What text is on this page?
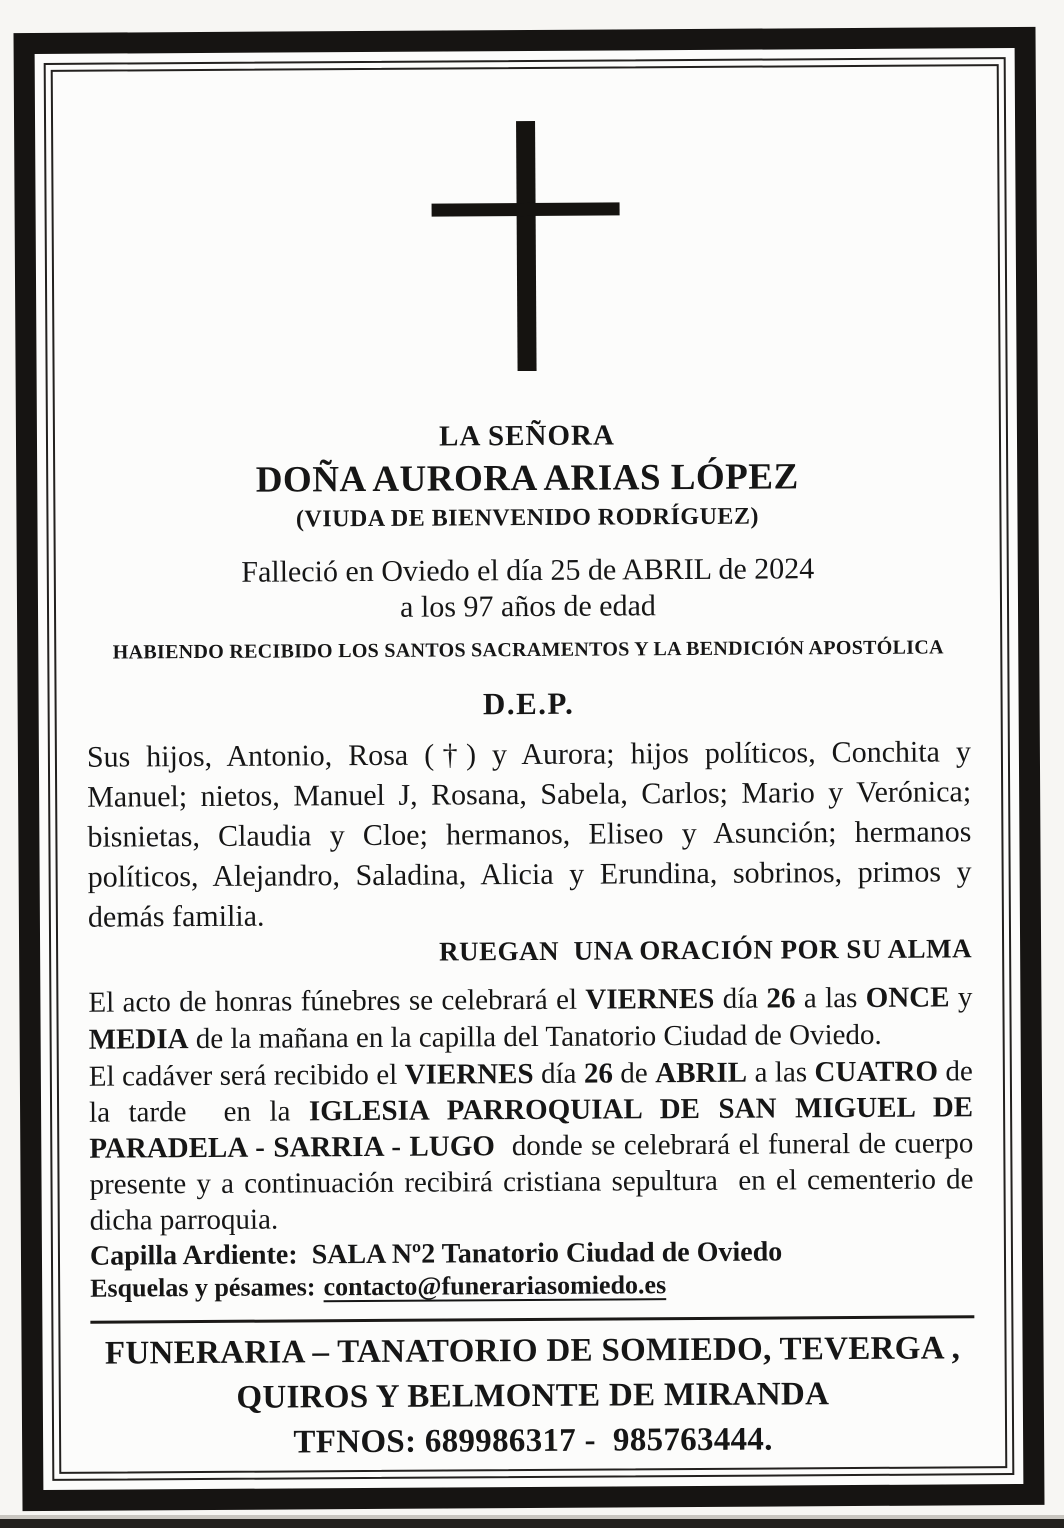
LA SEÑORA
DOÑA AURORA ARIAS LÓPEZ
(VIUDA DE BIENVENIDO RODRÍGUEZ)
Falleció en Oviedo el día 25 de ABRIL de 2024
a los 97 años de edad
HABIENDO RECIBIDO LOS SANTOS SACRAMENTOS Y LA BENDICIÓN APOSTÓLICA
D.E.P.
Sus hijos, Antonio, Rosa (†) y Aurora; hijos políticos, Conchita y Manuel; nietos, Manuel J, Rosana, Sabela, Carlos; Mario y Verónica; bisnietas, Claudia y Cloe; hermanos, Eliseo y Asunción; hermanos políticos, Alejandro, Saladina, Alicia y Erundina, sobrinos, primos y demás familia.
RUEGAN  UNA ORACIÓN POR SU ALMA
El acto de honras fúnebres se celebrará el VIERNES día 26 a las ONCE y MEDIA de la mañana en la capilla del Tanatorio Ciudad de Oviedo.
El cadáver será recibido el VIERNES día 26 de ABRIL a las CUATRO de la tarde  en la IGLESIA PARROQUIAL DE SAN MIGUEL DE PARADELA - SARRIA - LUGO  donde se celebrará el funeral de cuerpo presente y a continuación recibirá cristiana sepultura  en el cementerio de dicha parroquia.
Capilla Ardiente: SALA Nº2 Tanatorio Ciudad de Oviedo
Esquelas y pésames: contacto@funerariasomiedo.es
FUNERARIA – TANATORIO DE SOMIEDO, TEVERGA ,
QUIROS Y BELMONTE DE MIRANDA
TFNOS: 689986317 -  985763444.
